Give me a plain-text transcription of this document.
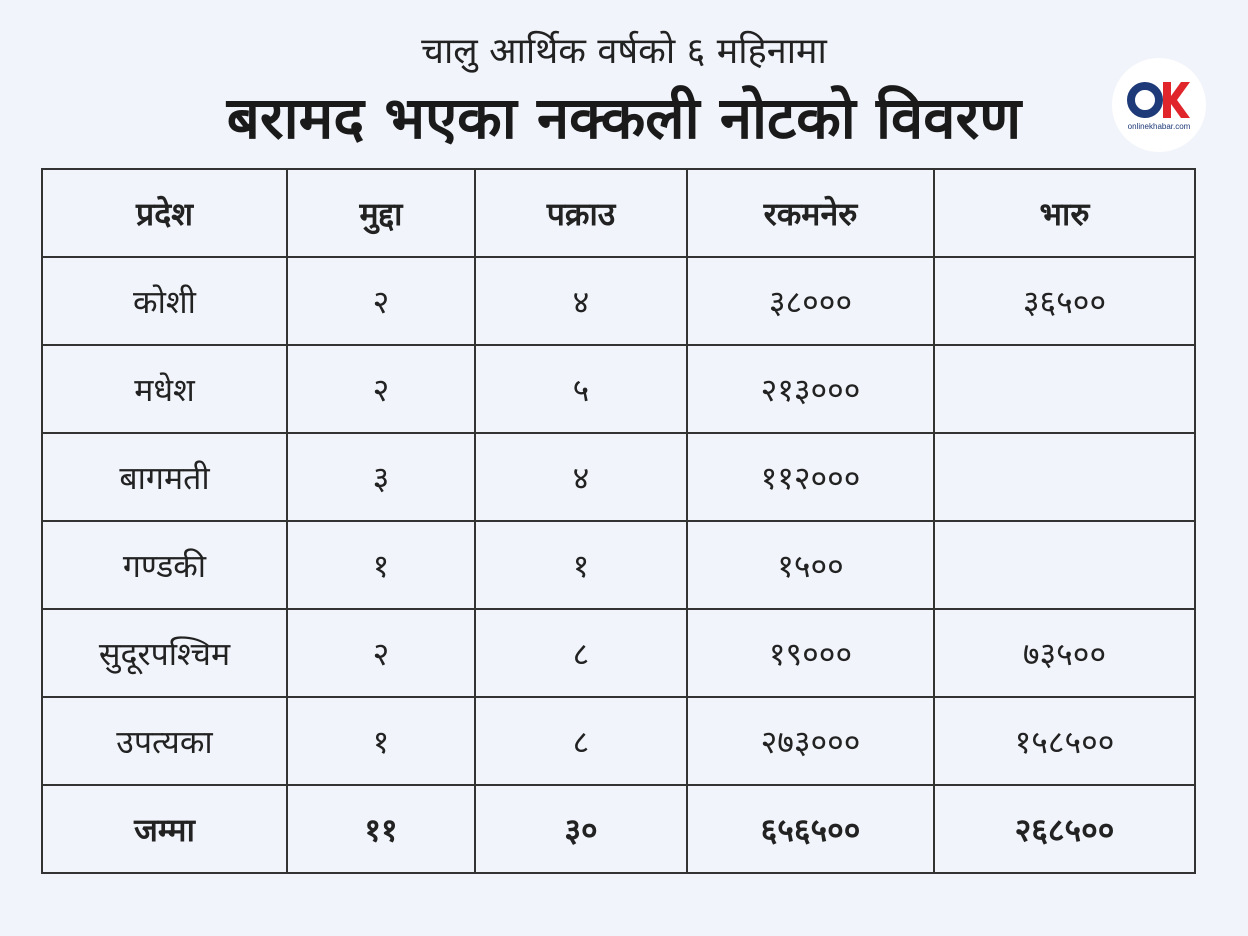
चालु आर्थिक वर्षको ६ महिनामा
बरामद भएका नक्कली नोटको विवरण	onlinekhabar.com
प्रदेश	मुद्दा	पक्राउ	रकमनेरु	भारु
कोशी	२	४	३८०००	३६५००
मधेश	२	५	२१३०००	
बागमती	३	४	११२०००	
गण्डकी	१	१	१५००	
सुदूरपश्चिम	२	८	१९०००	७३५००
उपत्यका	१	८	२७३०००	१५८५००
जम्मा	११	३०	६५६५००	२६८५००
